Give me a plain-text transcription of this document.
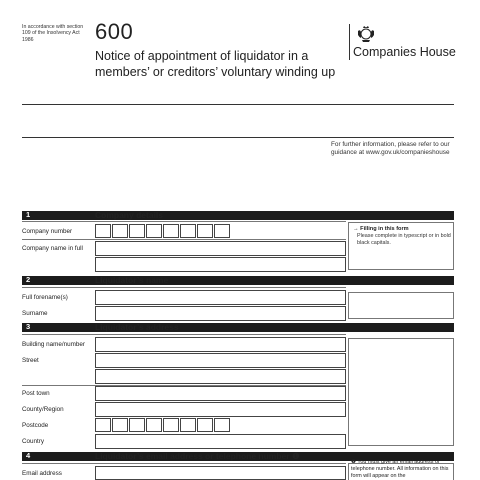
In accordance with section 109 of the Insolvency Act 1986	600
Notice of appointment of liquidator in a members’ or creditors’ voluntary winding up
Companies House
For further information, please refer to our guidance at www.gov.uk/companieshouse
1	Company details
Company number
Company name in full
→ Filling in this form
Please complete in typescript or in bold black capitals.
2	Liquidator’s name
Full forename(s)
Surname
3	Liquidator’s address
Building name/number
Street
Post town
County/Region
Postcode
Country
4	Liquidator’s email address or telephone number ❶
Email address
❶ You must give an email address or telephone number. All information on this form will appear on the
